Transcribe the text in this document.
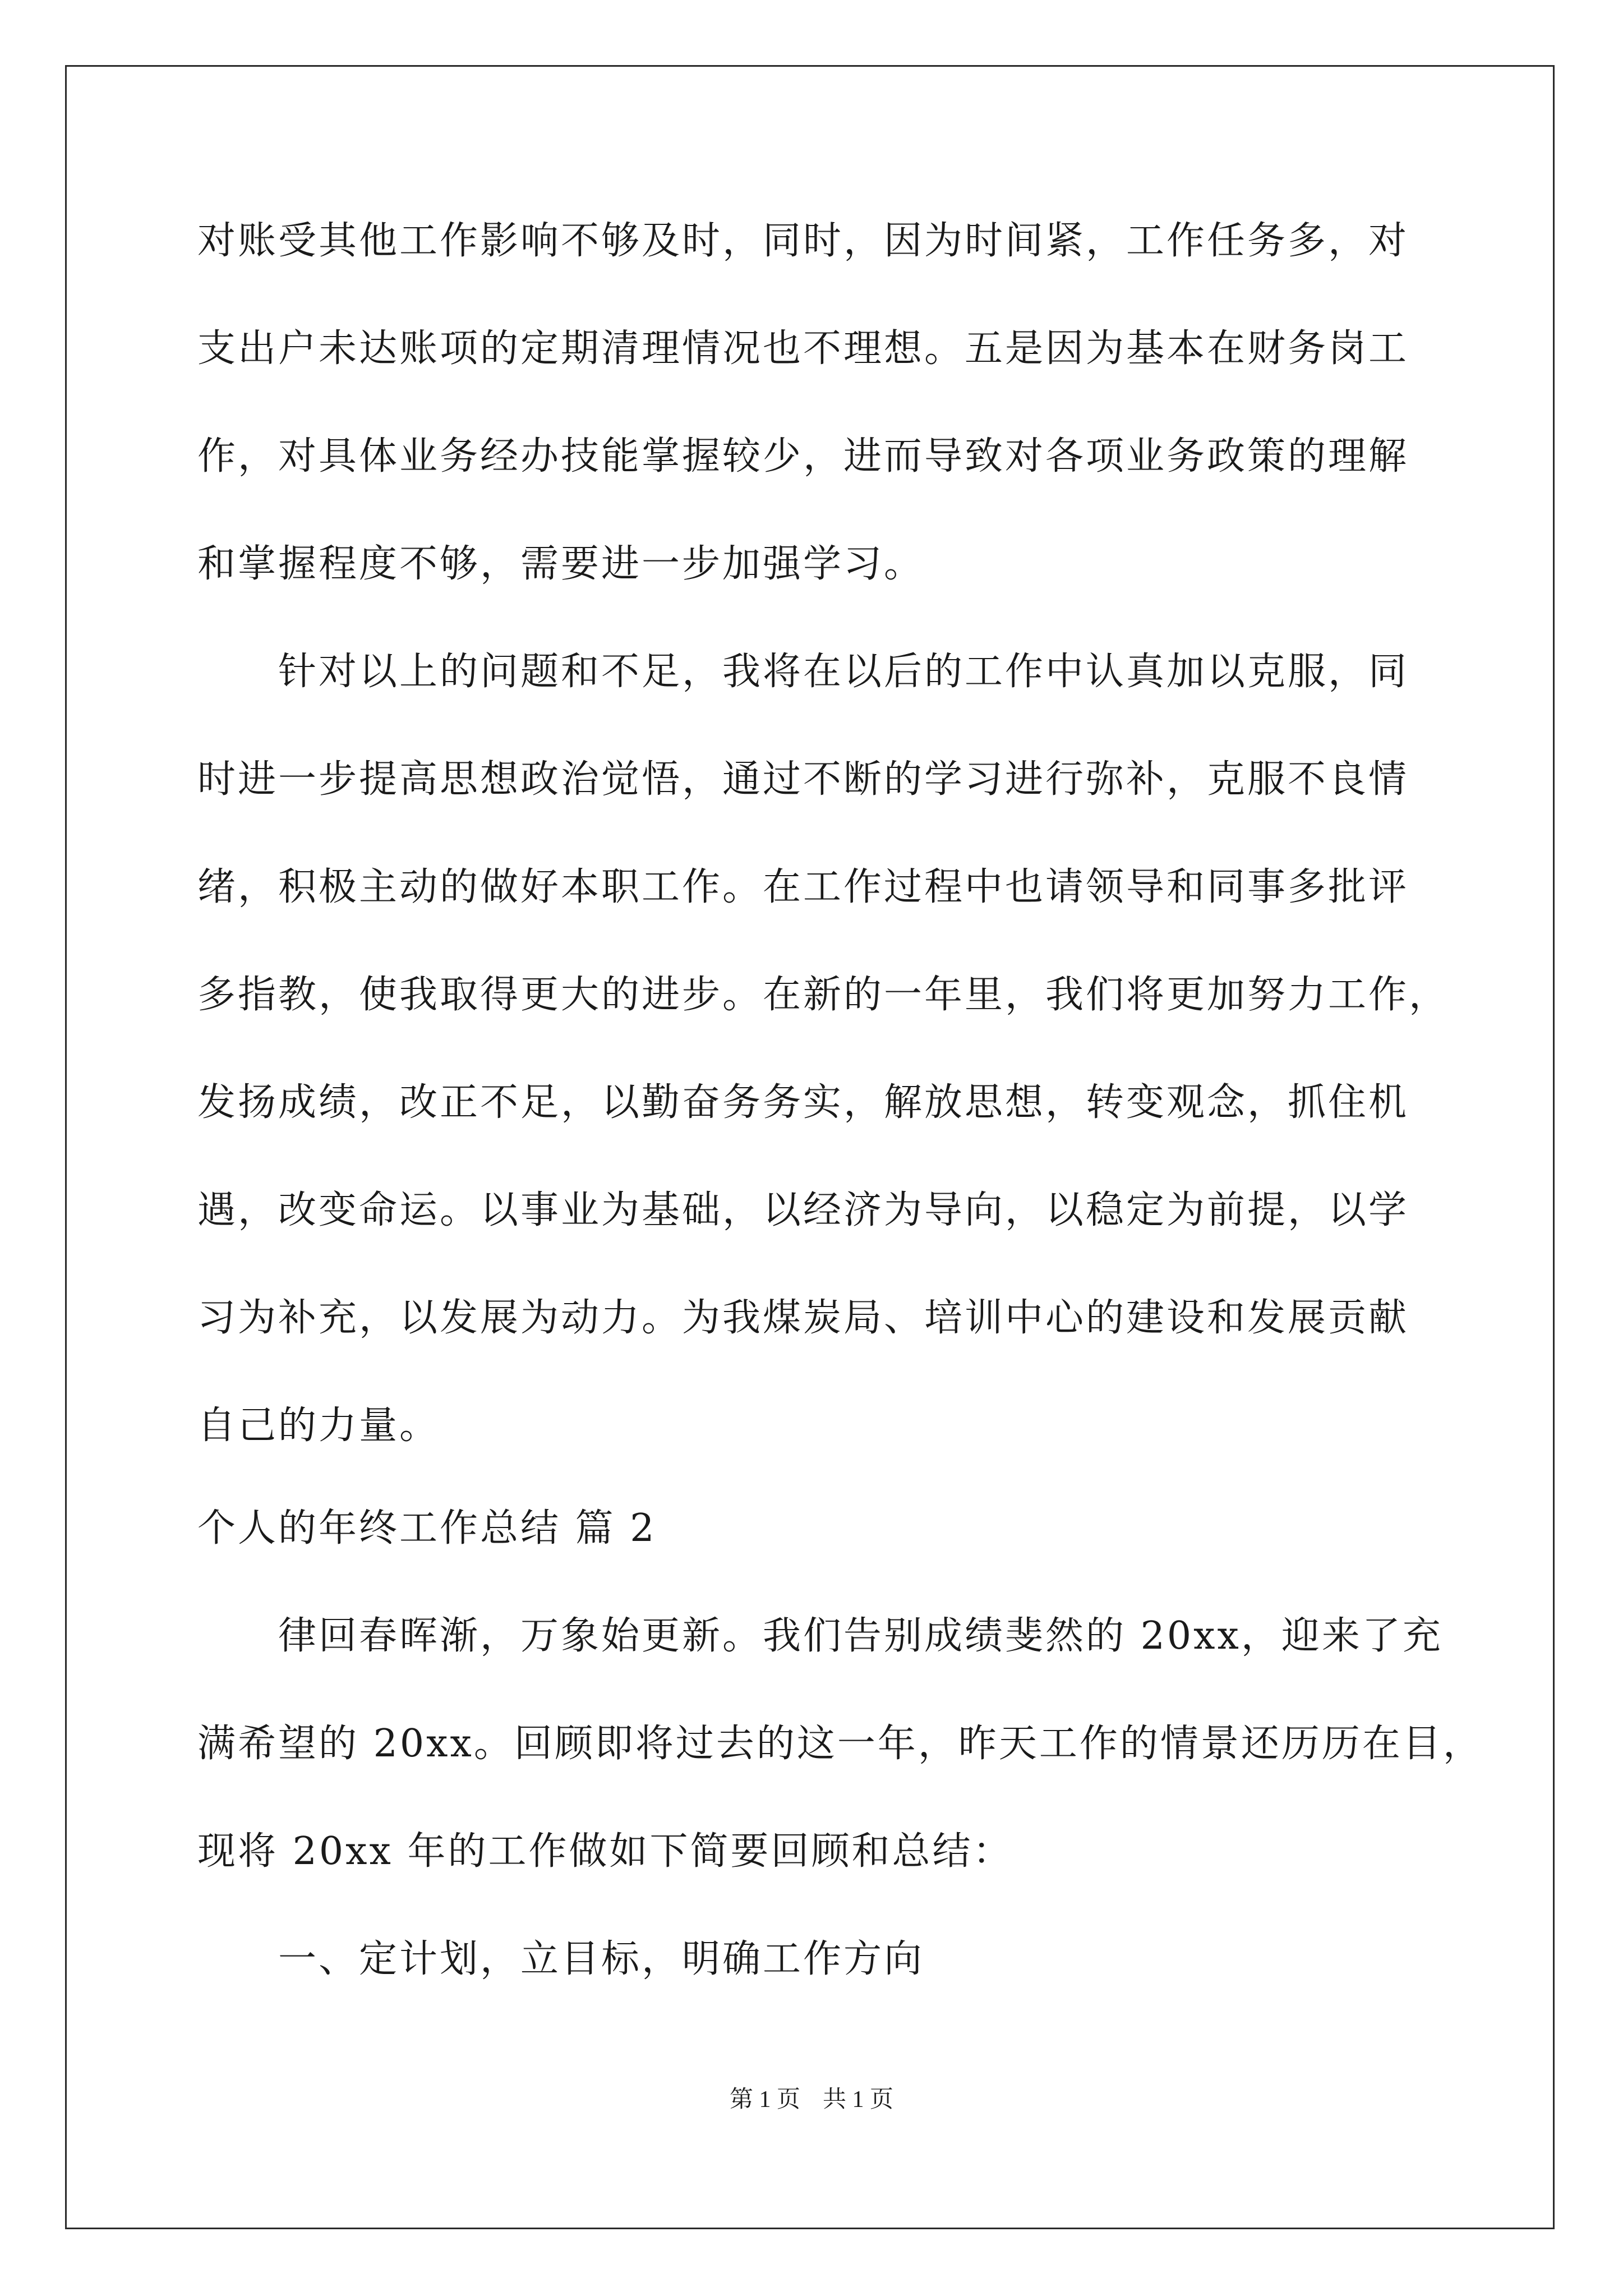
对账受其他工作影响不够及时，同时，因为时间紧，工作任务多，对
支出户未达账项的定期清理情况也不理想。五是因为基本在财务岗工
作，对具体业务经办技能掌握较少，进而导致对各项业务政策的理解
和掌握程度不够，需要进一步加强学习。
　　针对以上的问题和不足，我将在以后的工作中认真加以克服，同
时进一步提高思想政治觉悟，通过不断的学习进行弥补，克服不良情
绪，积极主动的做好本职工作。在工作过程中也请领导和同事多批评
多指教，使我取得更大的进步。在新的一年里，我们将更加努力工作，
发扬成绩，改正不足，以勤奋务务实，解放思想，转变观念，抓住机
遇，改变命运。以事业为基础，以经济为导向，以稳定为前提，以学
习为补充，以发展为动力。为我煤炭局、培训中心的建设和发展贡献
自己的力量。
个人的年终工作总结 篇 2
　　律回春晖渐，万象始更新。我们告别成绩斐然的 20xx，迎来了充
满希望的 20xx。回顾即将过去的这一年，昨天工作的情景还历历在目，
现将 20xx 年的工作做如下简要回顾和总结：
　　一、定计划，立目标，明确工作方向
第 1 页 共 1 页
